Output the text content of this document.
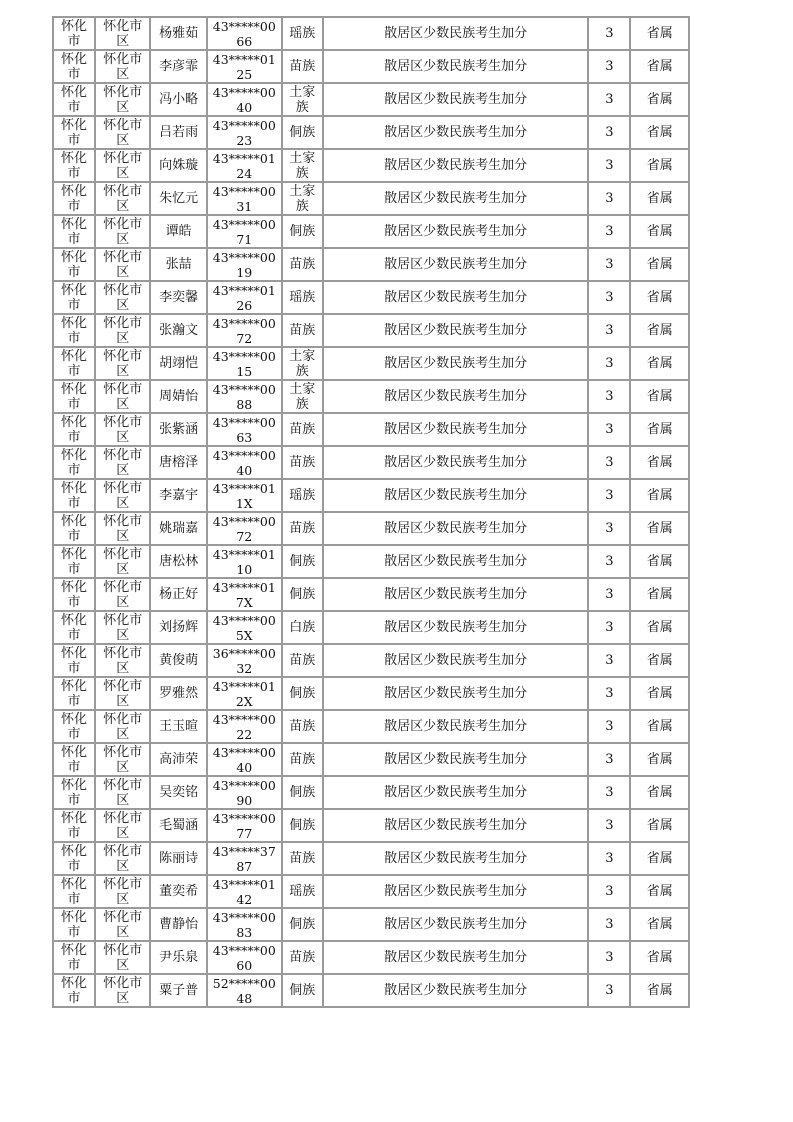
怀化市	怀化市区	杨雅茹	43*****0066	瑶族	散居区少数民族考生加分	3	省属

怀化市	怀化市区	李彦霏	43*****0125	苗族	散居区少数民族考生加分	3	省属

怀化市	怀化市区	冯小略	43*****0040	土家族	散居区少数民族考生加分	3	省属

怀化市	怀化市区	吕若雨	43*****0023	侗族	散居区少数民族考生加分	3	省属

怀化市	怀化市区	向姝璇	43*****0124	土家族	散居区少数民族考生加分	3	省属

怀化市	怀化市区	朱忆元	43*****0031	土家族	散居区少数民族考生加分	3	省属

怀化市	怀化市区	谭皓	43*****0071	侗族	散居区少数民族考生加分	3	省属

怀化市	怀化市区	张喆	43*****0019	苗族	散居区少数民族考生加分	3	省属

怀化市	怀化市区	李奕馨	43*****0126	瑶族	散居区少数民族考生加分	3	省属

怀化市	怀化市区	张瀚文	43*****0072	苗族	散居区少数民族考生加分	3	省属

怀化市	怀化市区	胡翊恺	43*****0015	土家族	散居区少数民族考生加分	3	省属

怀化市	怀化市区	周婧怡	43*****0088	土家族	散居区少数民族考生加分	3	省属

怀化市	怀化市区	张紫涵	43*****0063	苗族	散居区少数民族考生加分	3	省属

怀化市	怀化市区	唐榕泽	43*****0040	苗族	散居区少数民族考生加分	3	省属

怀化市	怀化市区	李嘉宇	43*****011X	瑶族	散居区少数民族考生加分	3	省属

怀化市	怀化市区	姚瑞嘉	43*****0072	苗族	散居区少数民族考生加分	3	省属

怀化市	怀化市区	唐松林	43*****0110	侗族	散居区少数民族考生加分	3	省属

怀化市	怀化市区	杨正好	43*****017X	侗族	散居区少数民族考生加分	3	省属

怀化市	怀化市区	刘扬辉	43*****005X	白族	散居区少数民族考生加分	3	省属

怀化市	怀化市区	黄俊萌	36*****0032	苗族	散居区少数民族考生加分	3	省属

怀化市	怀化市区	罗雅然	43*****012X	侗族	散居区少数民族考生加分	3	省属

怀化市	怀化市区	王玉暄	43*****0022	苗族	散居区少数民族考生加分	3	省属

怀化市	怀化市区	高沛荣	43*****0040	苗族	散居区少数民族考生加分	3	省属

怀化市	怀化市区	吴奕铭	43*****0090	侗族	散居区少数民族考生加分	3	省属

怀化市	怀化市区	毛蜀涵	43*****0077	侗族	散居区少数民族考生加分	3	省属

怀化市	怀化市区	陈丽诗	43*****3787	苗族	散居区少数民族考生加分	3	省属

怀化市	怀化市区	董奕希	43*****0142	瑶族	散居区少数民族考生加分	3	省属

怀化市	怀化市区	曹静怡	43*****0083	侗族	散居区少数民族考生加分	3	省属

怀化市	怀化市区	尹乐泉	43*****0060	苗族	散居区少数民族考生加分	3	省属

怀化市	怀化市区	粟子普	52*****0048	侗族	散居区少数民族考生加分	3	省属
